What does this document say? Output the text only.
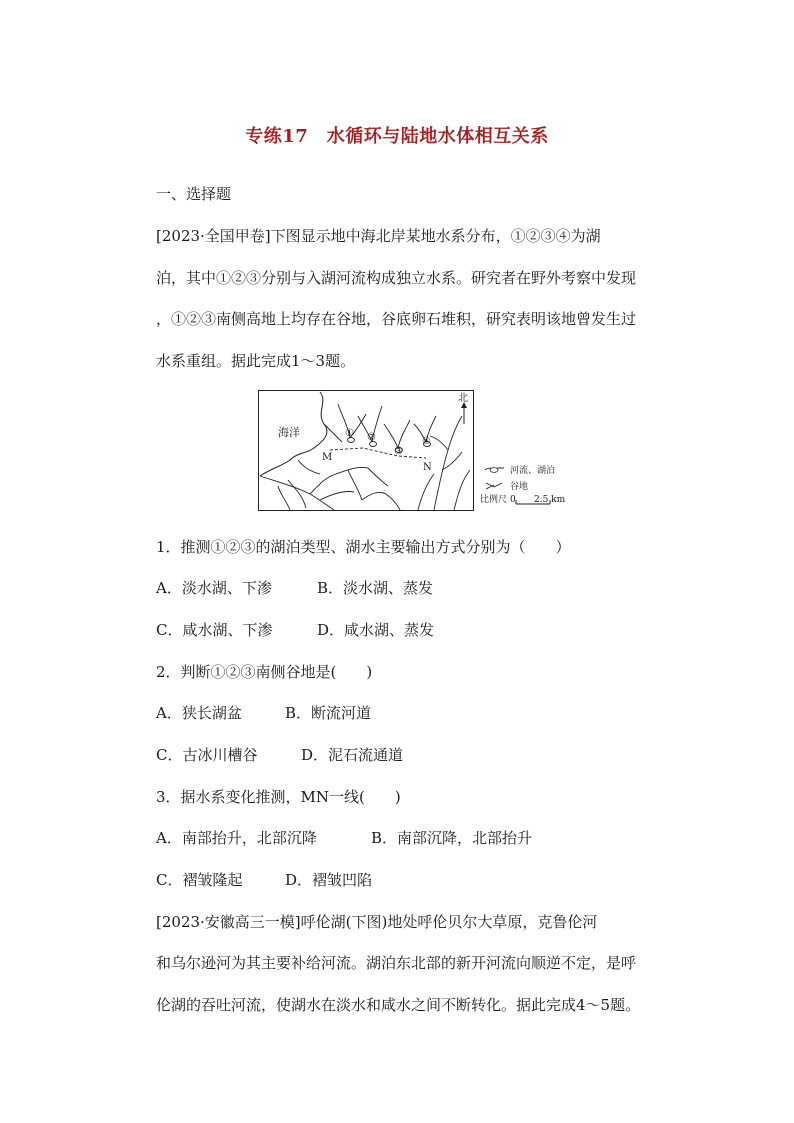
专练17　水循环与陆地水体相互关系
一、选择题
[2023·全国甲卷]下图显示地中海北岸某地水系分布，①②③④为湖
泊，其中①②③分别与入湖河流构成独立水系。研究者在野外考察中发现
，①②③南侧高地上均存在谷地，谷底卵石堆积，研究表明该地曾发生过
水系重组。据此完成1～3题。
海洋
北
① ②
③
④
M
N	河流、湖泊
谷地
比例尺 0 2.5 km
1．推测①②③的湖泊类型、湖水主要输出方式分别为（　　）
A．淡水湖、下渗	B．淡水湖、蒸发
C．咸水湖、下渗	D．咸水湖、蒸发
2．判断①②③南侧谷地是(　　)
A．狭长湖盆	B．断流河道
C．古冰川槽谷	D．泥石流通道
3．据水系变化推测，MN一线(　　)
A．南部抬升，北部沉降	B．南部沉降，北部抬升
C．褶皱隆起	D．褶皱凹陷
[2023·安徽高三一模]呼伦湖(下图)地处呼伦贝尔大草原，克鲁伦河
和乌尔逊河为其主要补给河流。湖泊东北部的新开河流向顺逆不定，是呼
伦湖的吞吐河流，使湖水在淡水和咸水之间不断转化。据此完成4～5题。
